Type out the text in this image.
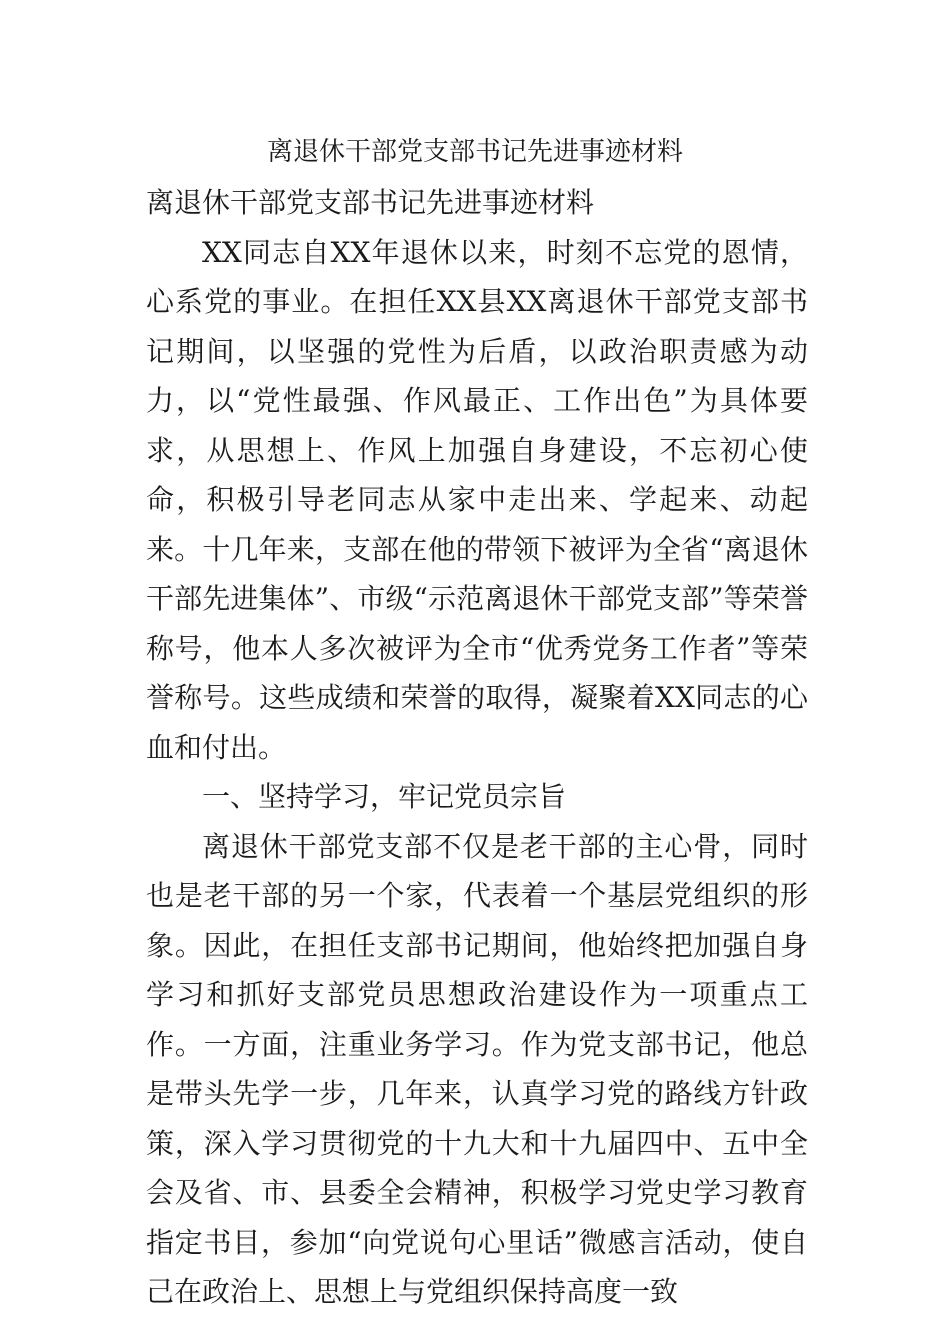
离退休干部党支部书记先进事迹材料

离退休干部党支部书记先进事迹材料

XX同志自XX年退休以来，时刻不忘党的恩情，心系党的事业。在担任XX县XX离退休干部党支部书记期间，以坚强的党性为后盾，以政治职责感为动力，以“党性最强、作风最正、工作出色”为具体要求，从思想上、作风上加强自身建设，不忘初心使命，积极引导老同志从家中走出来、学起来、动起来。十几年来，支部在他的带领下被评为全省“离退休干部先进集体”、市级“示范离退休干部党支部”等荣誉称号，他本人多次被评为全市“优秀党务工作者”等荣誉称号。这些成绩和荣誉的取得，凝聚着XX同志的心血和付出。

一、坚持学习，牢记党员宗旨

离退休干部党支部不仅是老干部的主心骨，同时也是老干部的另一个家，代表着一个基层党组织的形象。因此，在担任支部书记期间，他始终把加强自身学习和抓好支部党员思想政治建设作为一项重点工作。一方面，注重业务学习。作为党支部书记，他总是带头先学一步，几年来，认真学习党的路线方针政策，深入学习贯彻党的十九大和十九届四中、五中全会及省、市、县委全会精神，积极学习党史学习教育指定书目，参加“向党说句心里话”微感言活动，使自己在政治上、思想上与党组织保持高度一致
